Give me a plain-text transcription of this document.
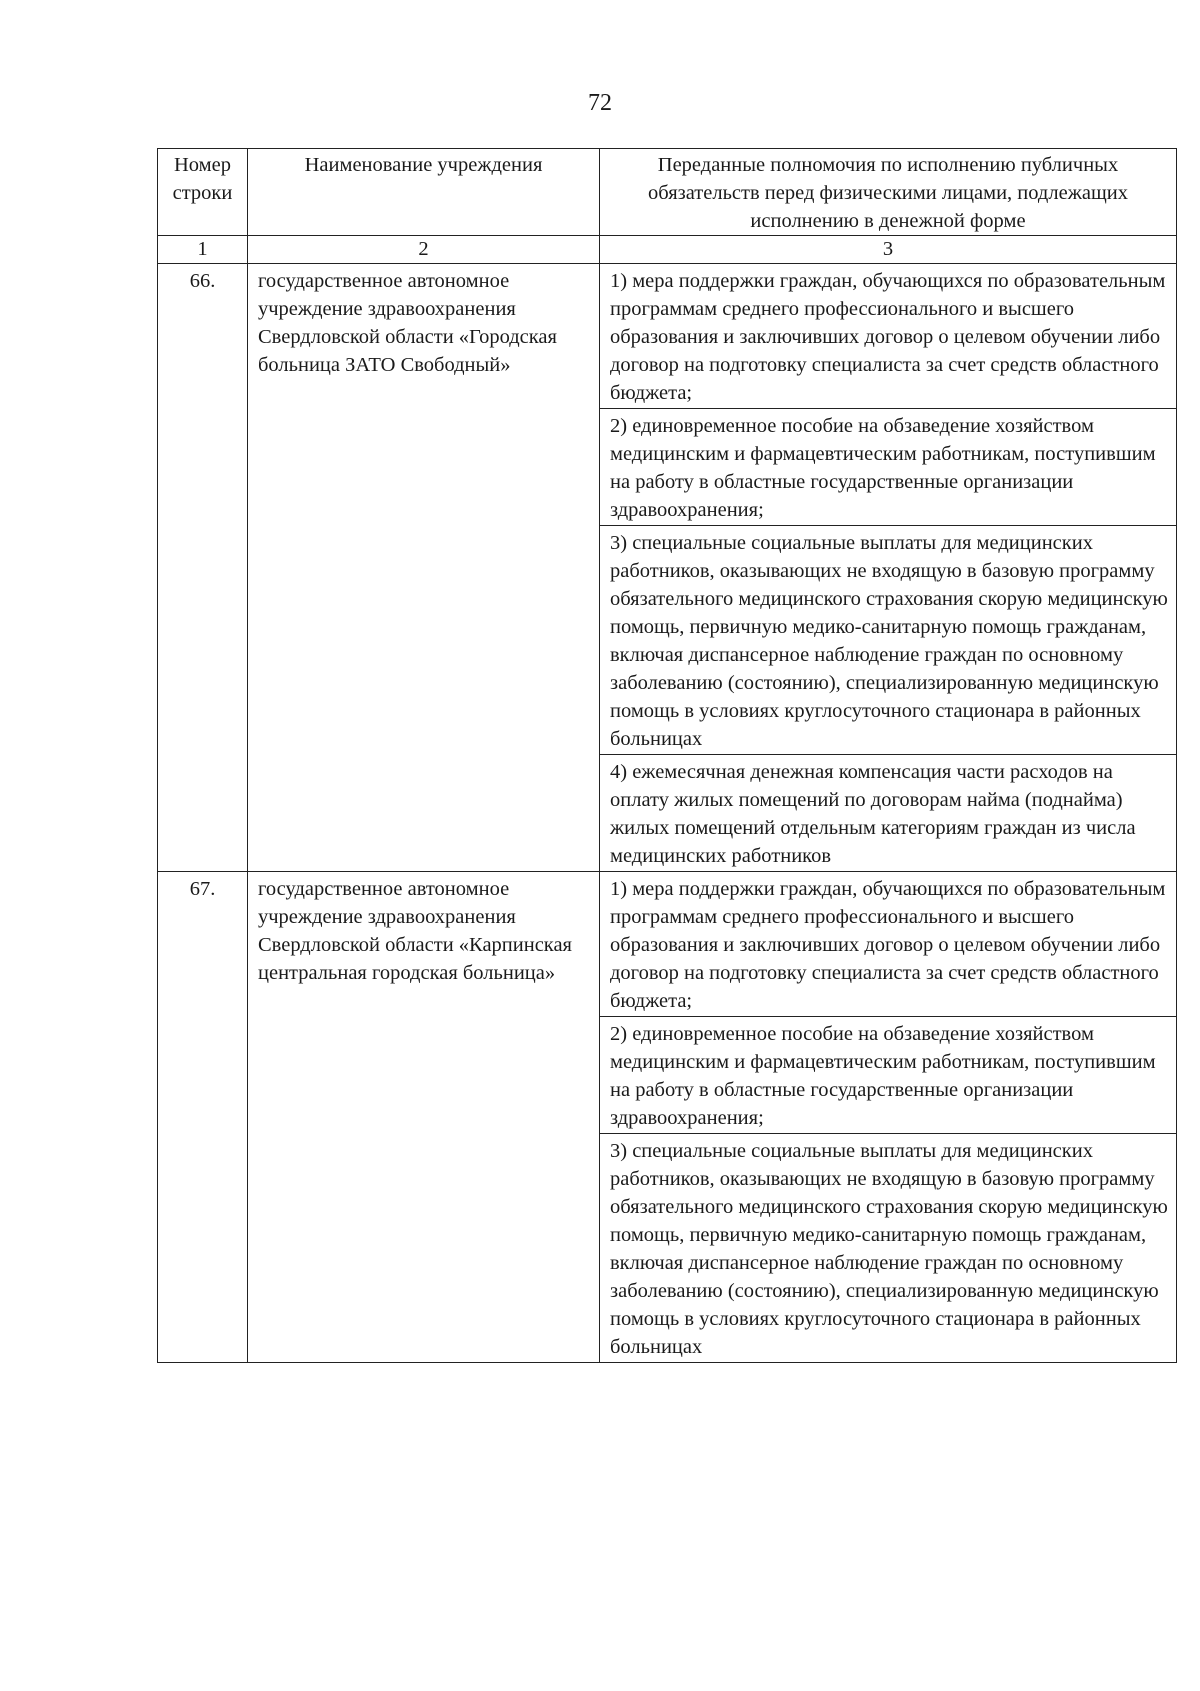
72
Номер строки	Наименование учреждения	Переданные полномочия по исполнению публичных обязательств перед физическими лицами, подлежащих исполнению в денежной форме
1	2	3
66.	государственное автономное учреждение здравоохранения Свердловской области «Городская больница ЗАТО Свободный»	1) мера поддержки граждан, обучающихся по образовательным программам среднего профессионального и высшего образования и заключивших договор о целевом обучении либо договор на подготовку специалиста за счет средств областного бюджета;
		2) единовременное пособие на обзаведение хозяйством медицинским и фармацевтическим работникам, поступившим на работу в областные государственные организации здравоохранения;
		3) специальные социальные выплаты для медицинских работников, оказывающих не входящую в базовую программу обязательного медицинского страхования скорую медицинскую помощь, первичную медико-санитарную помощь гражданам, включая диспансерное наблюдение граждан по основному заболеванию (состоянию), специализированную медицинскую помощь в условиях круглосуточного стационара в районных больницах
		4) ежемесячная денежная компенсация части расходов на оплату жилых помещений по договорам найма (поднайма) жилых помещений отдельным категориям граждан из числа медицинских работников
67.	государственное автономное учреждение здравоохранения Свердловской области «Карпинская центральная городская больница»	1) мера поддержки граждан, обучающихся по образовательным программам среднего профессионального и высшего образования и заключивших договор о целевом обучении либо договор на подготовку специалиста за счет средств областного бюджета;
		2) единовременное пособие на обзаведение хозяйством медицинским и фармацевтическим работникам, поступившим на работу в областные государственные организации здравоохранения;
		3) специальные социальные выплаты для медицинских работников, оказывающих не входящую в базовую программу обязательного медицинского страхования скорую медицинскую помощь, первичную медико-санитарную помощь гражданам, включая диспансерное наблюдение граждан по основному заболеванию (состоянию), специализированную медицинскую помощь в условиях круглосуточного стационара в районных больницах
